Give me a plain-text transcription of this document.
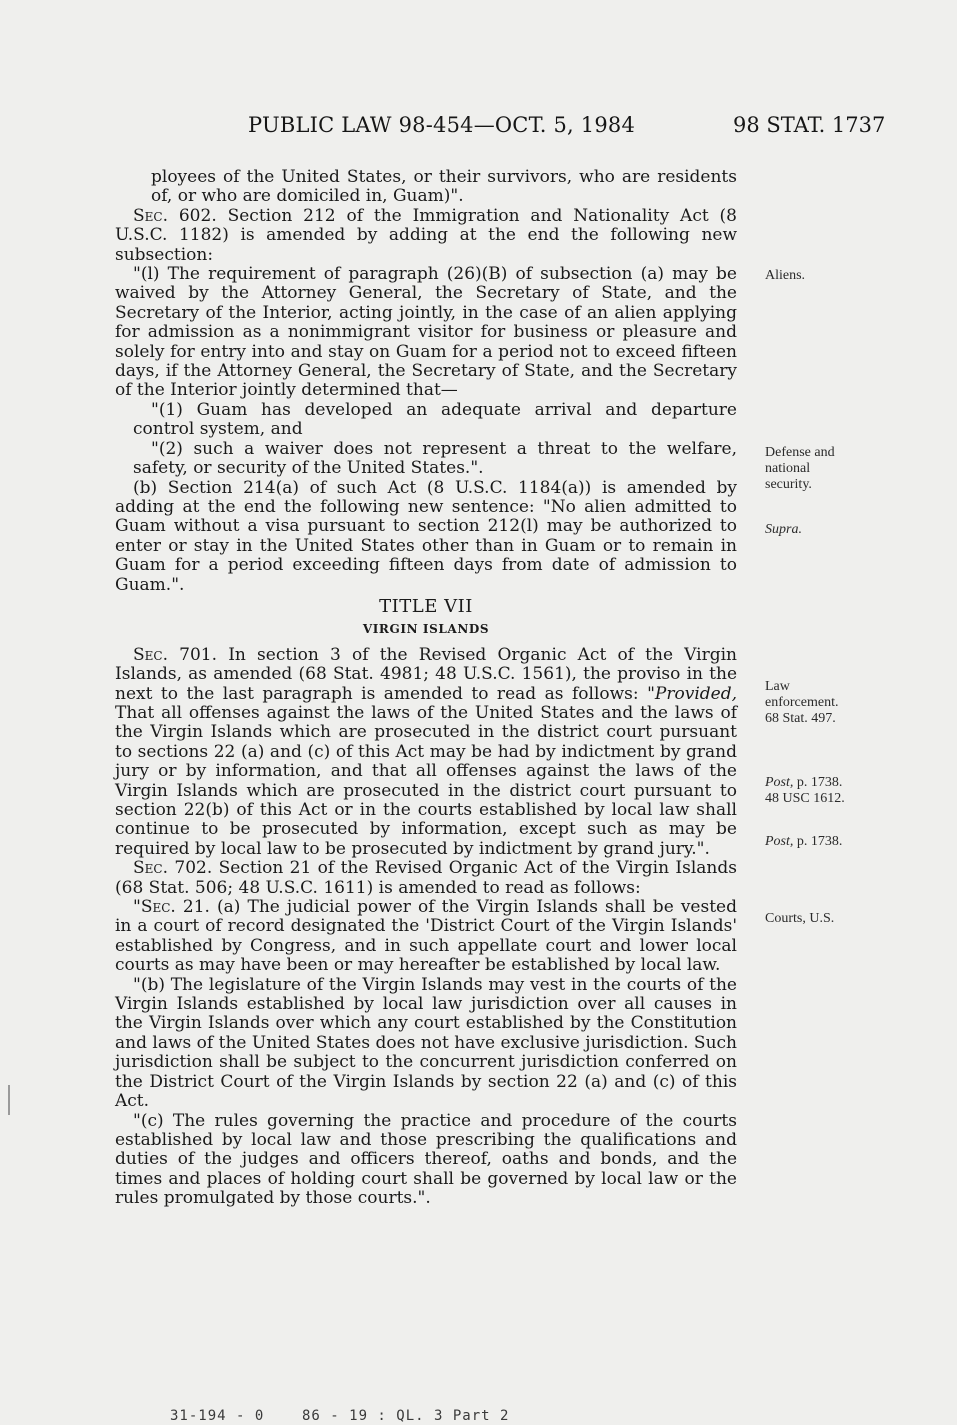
PUBLIC LAW 98-454—OCT. 5, 1984	98 STAT. 1737

ployees of the United States, or their survivors, who are residents of, or who are domiciled in, Guam)".

Sec. 602. Section 212 of the Immigration and Nationality Act (8 U.S.C. 1182) is amended by adding at the end the following new subsection:

"(l) The requirement of paragraph (26)(B) of subsection (a) may be waived by the Attorney General, the Secretary of State, and the Secretary of the Interior, acting jointly, in the case of an alien applying for admission as a nonimmigrant visitor for business or pleasure and solely for entry into and stay on Guam for a period not to exceed fifteen days, if the Attorney General, the Secretary of State, and the Secretary of the Interior jointly determined that—

"(1) Guam has developed an adequate arrival and departure control system, and

"(2) such a waiver does not represent a threat to the welfare, safety, or security of the United States.".

(b) Section 214(a) of such Act (8 U.S.C. 1184(a)) is amended by adding at the end the following new sentence: "No alien admitted to Guam without a visa pursuant to section 212(l) may be authorized to enter or stay in the United States other than in Guam or to remain in Guam for a period exceeding fifteen days from date of admission to Guam.".

TITLE VII

VIRGIN ISLANDS

Sec. 701. In section 3 of the Revised Organic Act of the Virgin Islands, as amended (68 Stat. 4981; 48 U.S.C. 1561), the proviso in the next to the last paragraph is amended to read as follows: "Provided, That all offenses against the laws of the United States and the laws of the Virgin Islands which are prosecuted in the district court pursuant to sections 22 (a) and (c) of this Act may be had by indictment by grand jury or by information, and that all offenses against the laws of the Virgin Islands which are prosecuted in the district court pursuant to section 22(b) of this Act or in the courts established by local law shall continue to be prosecuted by information, except such as may be required by local law to be prosecuted by indictment by grand jury.".

Sec. 702. Section 21 of the Revised Organic Act of the Virgin Islands (68 Stat. 506; 48 U.S.C. 1611) is amended to read as follows:

"Sec. 21. (a) The judicial power of the Virgin Islands shall be vested in a court of record designated the 'District Court of the Virgin Islands' established by Congress, and in such appellate court and lower local courts as may have been or may hereafter be established by local law.

"(b) The legislature of the Virgin Islands may vest in the courts of the Virgin Islands established by local law jurisdiction over all causes in the Virgin Islands over which any court established by the Constitution and laws of the United States does not have exclusive jurisdiction. Such jurisdiction shall be subject to the concurrent jurisdiction conferred on the District Court of the Virgin Islands by section 22 (a) and (c) of this Act.

"(c) The rules governing the practice and procedure of the courts established by local law and those prescribing the qualifications and duties of the judges and officers thereof, oaths and bonds, and the times and places of holding court shall be governed by local law or the rules promulgated by those courts.".

Aliens.
Defense and
national
security.
Supra.
Law
enforcement.
68 Stat. 497.
Post, p. 1738.
48 USC 1612.
Post, p. 1738.
Courts, U.S.
31-194 - 0    86 - 19 : QL. 3 Part 2
